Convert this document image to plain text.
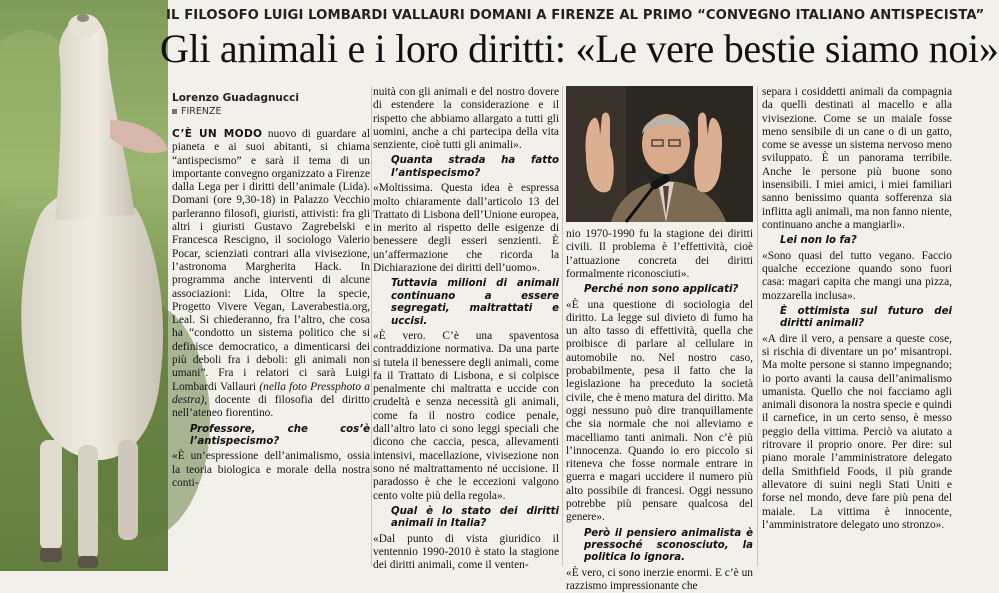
IL FILOSOFO LUIGI LOMBARDI VALLAURI DOMANI A FIRENZE AL PRIMO “CONVEGNO ITALIANO ANTISPECISTA”
Gli animali e i loro diritti: «Le vere bestie siamo noi»
Lorenzo Guadagnucci
FIRENZE

C’È UN MODO nuovo di guardare al pianeta e ai suoi abitanti, si chiama “antispecismo” e sarà il tema di un importante convegno organizzato a Firenze dalla Lega per i diritti dell’animale (Lida). Domani (ore 9,30-18) in Palazzo Vecchio parleranno filosofi, giuristi, attivisti: fra gli altri i giuristi Gustavo Zagrebelski e Francesca Rescigno, il sociologo Valerio Pocar, scienziati contrari alla vivisezione, l’astronoma Margherita Hack. In programma anche interventi di alcune associazioni: Lida, Oltre la specie, Progetto Vivere Vegan, Laverabestia.org, Leal. Si chiederanno, fra l’altro, che cosa ha “condotto un sistema politico che si definisce democratico, a dimenticarsi dei più deboli fra i deboli: gli animali non umani”. Fra i relatori ci sarà Luigi Lombardi Vallauri (nella foto Pressphoto a destra), docente di filosofia del diritto nell’ateneo fiorentino.

Professore, che cos’è l’antispecismo?

«È un’espressione dell’animalismo, ossia la teoria biologica e morale della nostra conti-

nuità con gli animali e del nostro dovere di estendere la considerazione e il rispetto che abbiamo allargato a tutti gli uomini, anche a chi partecipa della vita senziente, cioè tutti gli animali».

Quanta strada ha fatto l’antispecismo?

«Moltissima. Questa idea è espressa molto chiaramente dall’articolo 13 del Trattato di Lisbona dell’Unione europea, in merito al rispetto delle esigenze di benessere degli esseri senzienti. È un’affermazione che ricorda la Dichiarazione dei diritti dell’uomo».

Tuttavia milioni di animali continuano a essere segregati, maltrattati e uccisi.

«È vero. C’è una spaventosa contraddizione normativa. Da una parte si tutela il benessere degli animali, come fa il Trattato di Lisbona, e si colpisce penalmente chi maltratta e uccide con crudeltà e senza necessità gli animali, come fa il nostro codice penale, dall’altro lato ci sono leggi speciali che dicono che caccia, pesca, allevamenti intensivi, macellazione, vivisezione non sono né maltrattamento né uccisione. Il paradosso è che le eccezioni valgono cento volte più della regola».

Qual è lo stato dei diritti animali in Italia?

«Dal punto di vista giuridico il ventennio 1990-2010 è stato la stagione dei diritti animali, come il venten-

nio 1970-1990 fu la stagione dei diritti civili. Il problema è l’effettività, cioè l’attuazione concreta dei diritti formalmente riconosciuti».

Perché non sono applicati?

«È una questione di sociologia del diritto. La legge sul divieto di fumo ha un alto tasso di effettività, quella che proibisce di parlare al cellulare in automobile no. Nel nostro caso, probabilmente, pesa il fatto che la legislazione ha preceduto la società civile, che è meno matura del diritto. Ma oggi nessuno può dire tranquillamente che sia normale che noi alleviamo e macelliamo tanti animali. Non c’è più l’innocenza. Quando io ero piccolo si riteneva che fosse normale entrare in guerra e magari uccidere il numero più alto possibile di francesi. Oggi nessuno potrebbe più pensare qualcosa del genere».

Però il pensiero animalista è pressoché sconosciuto, la politica lo ignora.

«È vero, ci sono inerzie enormi. E c’è un razzismo impressionante che

separa i cosiddetti animali da compagnia da quelli destinati al macello e alla vivisezione. Come se un maiale fosse meno sensibile di un cane o di un gatto, come se avesse un sistema nervoso meno sviluppato. È un panorama terribile. Anche le persone più buone sono insensibili. I miei amici, i miei familiari sanno benissimo quanta sofferenza sia inflitta agli animali, ma non fanno niente, continuano anche a mangiarli».

Lei non lo fa?

«Sono quasi del tutto vegano. Faccio qualche eccezione quando sono fuori casa: magari capita che mangi una pizza, mozzarella inclusa».

È ottimista sul futuro dei diritti animali?

«A dire il vero, a pensare a queste cose, si rischia di diventare un po’ misantropi. Ma molte persone si stanno impegnando; io porto avanti la causa dell’animalismo umanista. Quello che noi facciamo agli animali disonora la nostra specie e quindi il carnefice, in un certo senso, è messo peggio della vittima. Perciò va aiutato a ritrovare il proprio onore. Per dire: sul piano morale l’amministratore delegato della Smithfield Foods, il più grande allevatore di suini negli Stati Uniti e forse nel mondo, deve fare più pena del maiale. La vittima è innocente, l’amministratore delegato uno stronzo».
